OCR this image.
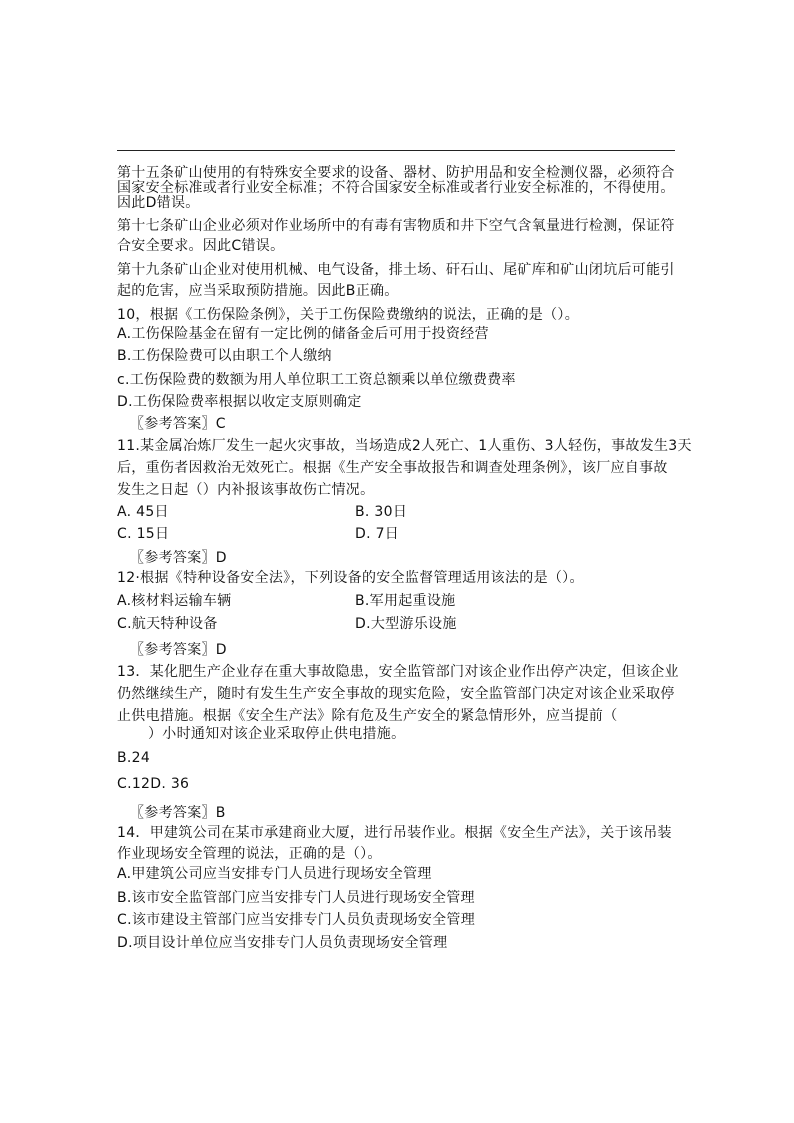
第十五条矿山使用的有特殊安全要求的设备、器材、防护用品和安全检测仪器，必须符合
国家安全标准或者行业安全标准；不符合国家安全标准或者行业安全标准的，不得使用。
因此D错误。
第十七条矿山企业必须对作业场所中的有毒有害物质和井下空气含氧量进行检测，保证符
合安全要求。因此C错误。
第十九条矿山企业对使用机械、电气设备，排土场、矸石山、尾矿库和矿山闭坑后可能引
起的危害，应当采取预防措施。因此B正确。
10，根据《工伤保险条例》，关于工伤保险费缴纳的说法，正确的是（）。
A.工伤保险基金在留有一定比例的储备金后可用于投资经营
B.工伤保险费可以由职工个人缴纳
c.工伤保险费的数额为用人单位职工工资总额乘以单位缴费费率
D.工伤保险费率根据以收定支原则确定
〖参考答案〗C
11.某金属冶炼厂发生一起火灾事故，当场造成2人死亡、1人重伤、3人轻伤，事故发生3天
后，重伤者因救治无效死亡。根据《生产安全事故报告和调查处理条例》，该厂应自事故
发生之日起（）内补报该事故伤亡情况。
A. 45日	B. 30日
C. 15日	D. 7日
〖参考答案〗D
12·根据《特种设备安全法》，下列设备的安全监督管理适用该法的是（）。
A.核材料运输车辆	B.军用起重设施
C.航天特种设备	D.大型游乐设施
〖参考答案〗D
13．某化肥生产企业存在重大事故隐患，安全监管部门对该企业作出停产决定，但该企业
仍然继续生产，随时有发生生产安全事故的现实危险，安全监管部门决定对该企业采取停
止供电措施。根据《安全生产法》除有危及生产安全的紧急情形外，应当提前（
）小时通知对该企业采取停止供电措施。
B.24
C.12D. 36
〖参考答案〗B
14．甲建筑公司在某市承建商业大厦，进行吊装作业。根据《安全生产法》，关于该吊装
作业现场安全管理的说法，正确的是（）。
A.甲建筑公司应当安排专门人员进行现场安全管理
B.该市安全监管部门应当安排专门人员进行现场安全管理
C.该市建设主管部门应当安排专门人员负责现场安全管理
D.项目设计单位应当安排专门人员负责现场安全管理
